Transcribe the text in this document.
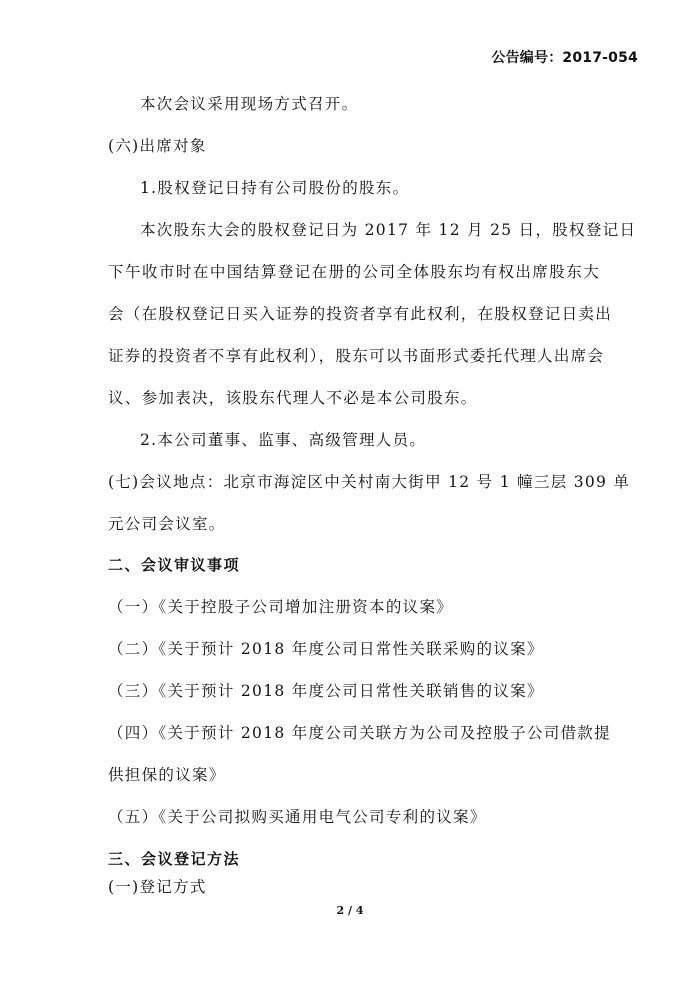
公告编号：2017-054
本次会议采用现场方式召开。
(六)出席对象
1.股权登记日持有公司股份的股东。
本次股东大会的股权登记日为 2017 年 12 月 25 日，股权登记日
下午收市时在中国结算登记在册的公司全体股东均有权出席股东大
会（在股权登记日买入证券的投资者享有此权利，在股权登记日卖出
证券的投资者不享有此权利），股东可以书面形式委托代理人出席会
议、参加表决，该股东代理人不必是本公司股东。
2.本公司董事、监事、高级管理人员。
(七)会议地点：北京市海淀区中关村南大街甲 12 号 1 幢三层 309 单
元公司会议室。
二、会议审议事项
（一）《关于控股子公司增加注册资本的议案》
（二）《关于预计 2018 年度公司日常性关联采购的议案》
（三）《关于预计 2018 年度公司日常性关联销售的议案》
（四）《关于预计 2018 年度公司关联方为公司及控股子公司借款提
供担保的议案》
（五）《关于公司拟购买通用电气公司专利的议案》
三、会议登记方法
(一)登记方式
2 / 4
